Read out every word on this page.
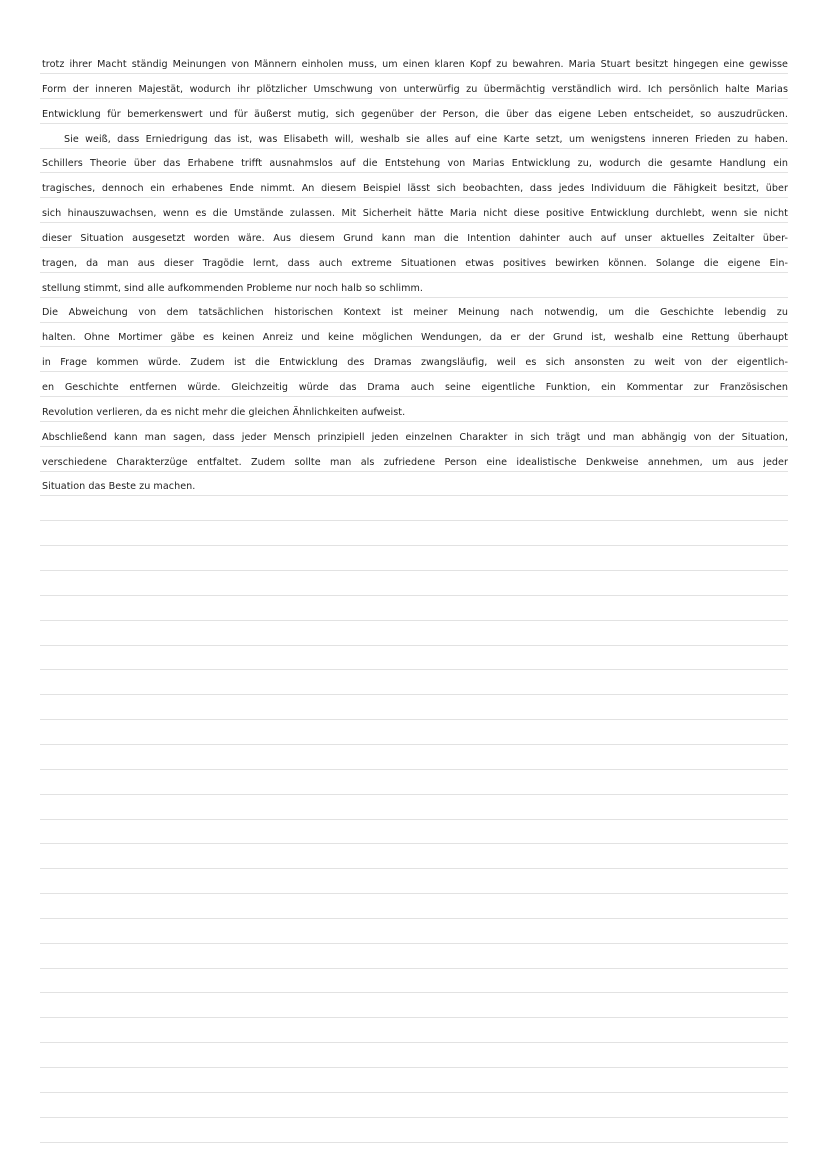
trotz ihrer Macht ständig Meinungen von Männern einholen muss, um einen klaren Kopf zu bewahren. Maria Stuart besitzt hingegen eine gewisse
Form der inneren Majestät, wodurch ihr plötzlicher Umschwung von unterwürfig zu übermächtig verständlich wird. Ich persönlich halte Marias
Entwicklung für bemerkenswert und für äußerst mutig, sich gegenüber der Person, die über das eigene Leben entscheidet, so auszudrücken.
Sie weiß, dass Erniedrigung das ist, was Elisabeth will, weshalb sie alles auf eine Karte setzt, um wenigstens inneren Frieden zu haben.
Schillers Theorie über das Erhabene trifft ausnahmslos auf die Entstehung von Marias Entwicklung zu, wodurch die gesamte Handlung ein
tragisches, dennoch ein erhabenes Ende nimmt. An diesem Beispiel lässt sich beobachten, dass jedes Individuum die Fähigkeit besitzt, über
sich hinauszuwachsen, wenn es die Umstände zulassen. Mit Sicherheit hätte Maria nicht diese positive Entwicklung durchlebt, wenn sie nicht
dieser Situation ausgesetzt worden wäre. Aus diesem Grund kann man die Intention dahinter auch auf unser aktuelles Zeitalter über-
tragen, da man aus dieser Tragödie lernt, dass auch extreme Situationen etwas positives bewirken können. Solange die eigene Ein-
stellung stimmt, sind alle aufkommenden Probleme nur noch halb so schlimm.
Die Abweichung von dem tatsächlichen historischen Kontext ist meiner Meinung nach notwendig, um die Geschichte lebendig zu
halten. Ohne Mortimer gäbe es keinen Anreiz und keine möglichen Wendungen, da er der Grund ist, weshalb eine Rettung überhaupt
in Frage kommen würde. Zudem ist die Entwicklung des Dramas zwangsläufig, weil es sich ansonsten zu weit von der eigentlich-
en Geschichte entfernen würde. Gleichzeitig würde das Drama auch seine eigentliche Funktion, ein Kommentar zur Französischen
Revolution verlieren, da es nicht mehr die gleichen Ähnlichkeiten aufweist.
Abschließend kann man sagen, dass jeder Mensch prinzipiell jeden einzelnen Charakter in sich trägt und man abhängig von der Situation,
verschiedene Charakterzüge entfaltet. Zudem sollte man als zufriedene Person eine idealistische Denkweise annehmen, um aus jeder
Situation das Beste zu machen.
